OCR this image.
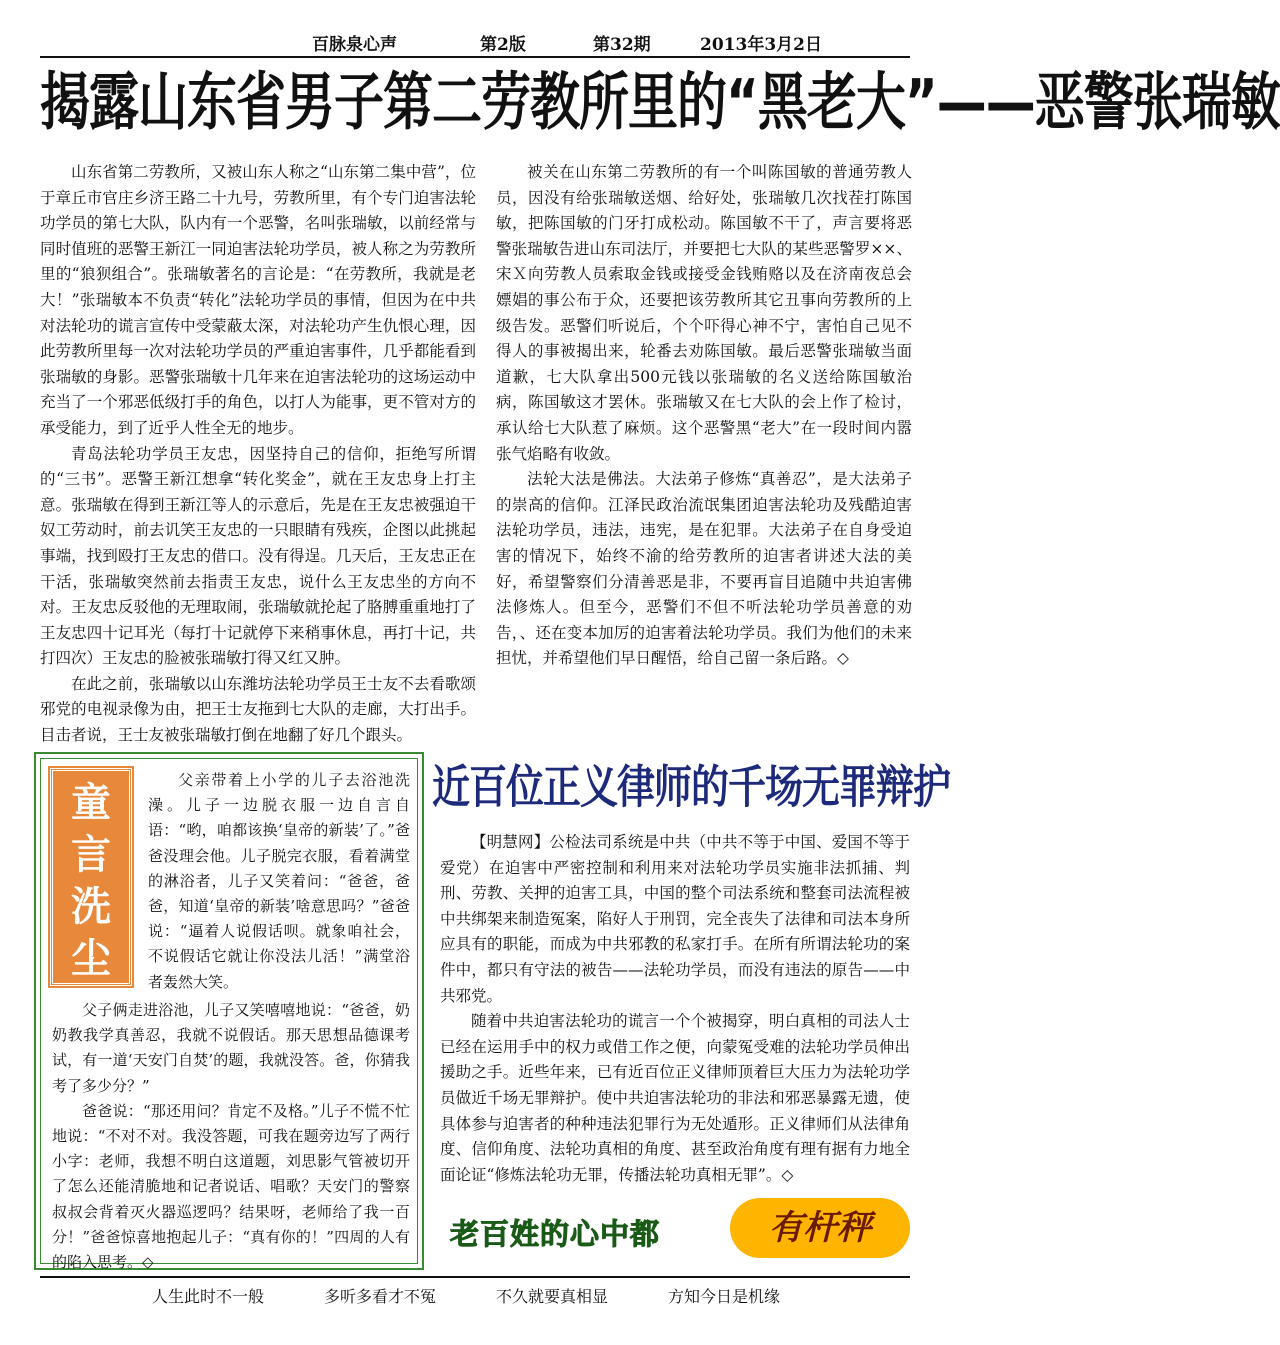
百脉泉心声	第2版	第32期	2013年3月2日
揭露山东省男子第二劳教所里的“黑老大”——恶警张瑞敏

山东省第二劳教所，又被山东人称之“山东第二集中营”，位于章丘市官庄乡济王路二十九号，劳教所里，有个专门迫害法轮功学员的第七大队，队内有一个恶警，名叫张瑞敏，以前经常与同时值班的恶警王新江一同迫害法轮功学员，被人称之为劳教所里的“狼狈组合”。张瑞敏著名的言论是：“在劳教所，我就是老大！”张瑞敏本不负责“转化”法轮功学员的事情，但因为在中共对法轮功的谎言宣传中受蒙蔽太深，对法轮功产生仇恨心理，因此劳教所里每一次对法轮功学员的严重迫害事件，几乎都能看到张瑞敏的身影。恶警张瑞敏十几年来在迫害法轮功的这场运动中充当了一个邪恶低级打手的角色，以打人为能事，更不管对方的承受能力，到了近乎人性全无的地步。

青岛法轮功学员王友忠，因坚持自己的信仰，拒绝写所谓的“三书”。恶警王新江想拿“转化奖金”，就在王友忠身上打主意。张瑞敏在得到王新江等人的示意后，先是在王友忠被强迫干奴工劳动时，前去讥笑王友忠的一只眼睛有残疾，企图以此挑起事端，找到殴打王友忠的借口。没有得逞。几天后，王友忠正在干活，张瑞敏突然前去指责王友忠，说什么王友忠坐的方向不对。王友忠反驳他的无理取闹，张瑞敏就抡起了胳膊重重地打了王友忠四十记耳光（每打十记就停下来稍事休息，再打十记，共打四次）王友忠的脸被张瑞敏打得又红又肿。

在此之前，张瑞敏以山东潍坊法轮功学员王士友不去看歌颂邪党的电视录像为由，把王士友拖到七大队的走廊，大打出手。目击者说，王士友被张瑞敏打倒在地翻了好几个跟头。

被关在山东第二劳教所的有一个叫陈国敏的普通劳教人员，因没有给张瑞敏送烟、给好处，张瑞敏几次找茬打陈国敏，把陈国敏的门牙打成松动。陈国敏不干了，声言要将恶警张瑞敏告进山东司法厅，并要把七大队的某些恶警罗××、宋Ｘ向劳教人员索取金钱或接受金钱贿赂以及在济南夜总会嫖娼的事公布于众，还要把该劳教所其它丑事向劳教所的上级告发。恶警们听说后，个个吓得心神不宁，害怕自己见不得人的事被揭出来，轮番去劝陈国敏。最后恶警张瑞敏当面道歉，七大队拿出500元钱以张瑞敏的名义送给陈国敏治病，陈国敏这才罢休。张瑞敏又在七大队的会上作了检讨，承认给七大队惹了麻烦。这个恶警黑“老大”在一段时间内嚣张气焰略有收敛。

法轮大法是佛法。大法弟子修炼“真善忍”，是大法弟子的崇高的信仰。江泽民政治流氓集团迫害法轮功及残酷迫害法轮功学员，违法，违宪，是在犯罪。大法弟子在自身受迫害的情况下，始终不渝的给劳教所的迫害者讲述大法的美好，希望警察们分清善恶是非，不要再盲目追随中共迫害佛法修炼人。但至今，恶警们不但不听法轮功学员善意的劝告，、还在变本加厉的迫害着法轮功学员。我们为他们的未来担忧，并希望他们早日醒悟，给自己留一条后路。◇

童言洗尘

父亲带着上小学的儿子去浴池洗澡。儿子一边脱衣服一边自言自语：“哟，咱都该换‘皇帝的新装’了。”爸爸没理会他。儿子脱完衣服，看着满堂的淋浴者，儿子又笑着问：“爸爸，爸爸，知道‘皇帝的新装’啥意思吗？”爸爸说：“逼着人说假话呗。就象咱社会，不说假话它就让你没法儿活！”满堂浴者轰然大笑。

父子俩走进浴池，儿子又笑嘻嘻地说：“爸爸，奶奶教我学真善忍，我就不说假话。那天思想品德课考试，有一道‘天安门自焚’的题，我就没答。爸，你猜我考了多少分？”

爸爸说：“那还用问？肯定不及格。”儿子不慌不忙地说：“不对不对。我没答题，可我在题旁边写了两行小字：老师，我想不明白这道题，刘思影气管被切开了怎么还能清脆地和记者说话、唱歌？天安门的警察叔叔会背着灭火器巡逻吗？结果呀，老师给了我一百分！”爸爸惊喜地抱起儿子：“真有你的！”四周的人有的陷入思考。◇

近百位正义律师的千场无罪辩护

【明慧网】公检法司系统是中共（中共不等于中国、爱国不等于爱党）在迫害中严密控制和利用来对法轮功学员实施非法抓捕、判刑、劳教、关押的迫害工具，中国的整个司法系统和整套司法流程被中共绑架来制造冤案，陷好人于刑罚，完全丧失了法律和司法本身所应具有的职能，而成为中共邪教的私家打手。在所有所谓法轮功的案件中，都只有守法的被告——法轮功学员，而没有违法的原告——中共邪党。

随着中共迫害法轮功的谎言一个个被揭穿，明白真相的司法人士已经在运用手中的权力或借工作之便，向蒙冤受难的法轮功学员伸出援助之手。近些年来，已有近百位正义律师顶着巨大压力为法轮功学员做近千场无罪辩护。使中共迫害法轮功的非法和邪恶暴露无遗，使具体参与迫害者的种种违法犯罪行为无处遁形。正义律师们从法律角度、信仰角度、法轮功真相的角度、甚至政治角度有理有据有力地全面论证“修炼法轮功无罪，传播法轮功真相无罪”。◇

老百姓的心中都	有杆秤
人生此时不一般	多听多看才不冤	不久就要真相显	方知今日是机缘
